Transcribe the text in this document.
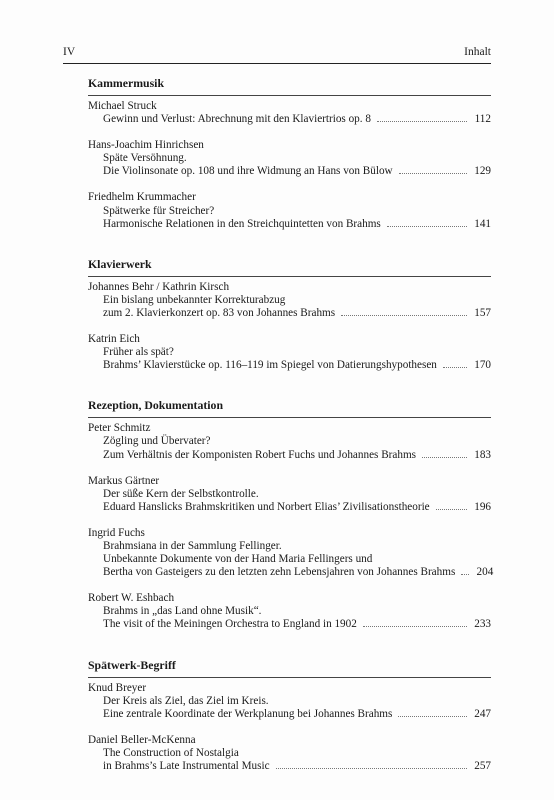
IV	Inhalt
Kammermusik
Michael Struck
Gewinn und Verlust: Abrechnung mit den Klaviertrios op. 8	112
Hans-Joachim Hinrichsen
Späte Versöhnung.
Die Violinsonate op. 108 und ihre Widmung an Hans von Bülow	129
Friedhelm Krummacher
Spätwerke für Streicher?
Harmonische Relationen in den Streichquintetten von Brahms	141
Klavierwerk
Johannes Behr / Kathrin Kirsch
Ein bislang unbekannter Korrekturabzug
zum 2. Klavierkonzert op. 83 von Johannes Brahms	157
Katrin Eich
Früher als spät?
Brahms’ Klavierstücke op. 116–119 im Spiegel von Datierungshypothesen	170
Rezeption, Dokumentation
Peter Schmitz
Zögling und Übervater?
Zum Verhältnis der Komponisten Robert Fuchs und Johannes Brahms	183
Markus Gärtner
Der süße Kern der Selbstkontrolle.
Eduard Hanslicks Brahmskritiken und Norbert Elias’ Zivilisationstheorie	196
Ingrid Fuchs
Brahmsiana in der Sammlung Fellinger.
Unbekannte Dokumente von der Hand Maria Fellingers und
Bertha von Gasteigers zu den letzten zehn Lebensjahren von Johannes Brahms 204
Robert W. Eshbach
Brahms in „das Land ohne Musik“.
The visit of the Meiningen Orchestra to England in 1902	233
Spätwerk-Begriff
Knud Breyer
Der Kreis als Ziel, das Ziel im Kreis.
Eine zentrale Koordinate der Werkplanung bei Johannes Brahms	247
Daniel Beller-McKenna
The Construction of Nostalgia
in Brahms’s Late Instrumental Music	257
